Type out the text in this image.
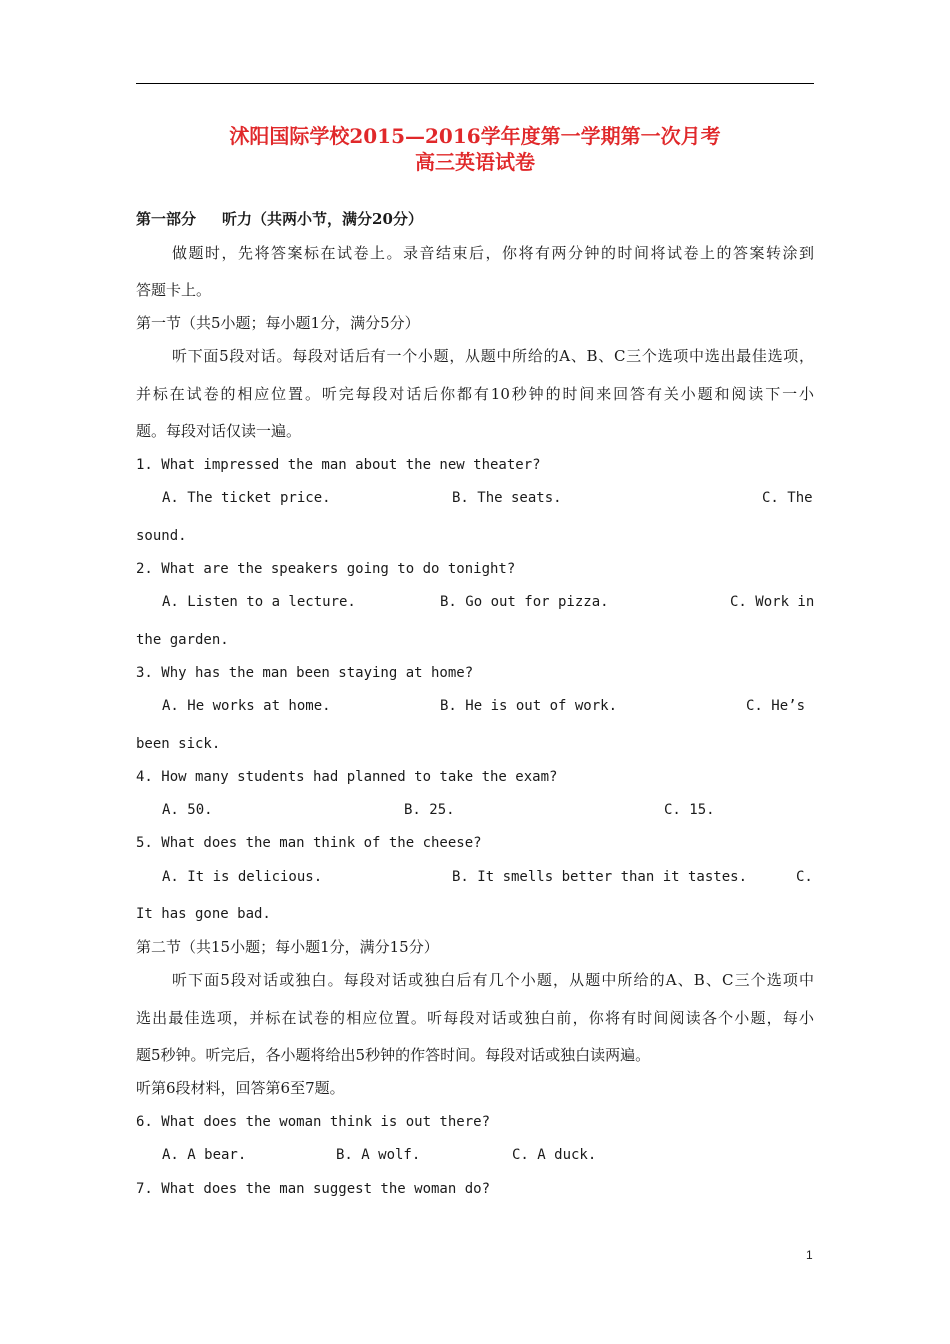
沭阳国际学校2015—2016学年度第一学期第一次月考
高三英语试卷
第一部分 听力（共两小节，满分20分）
做题时，先将答案标在试卷上。录音结束后，你将有两分钟的时间将试卷上的答案转涂到
答题卡上。
第一节（共5小题；每小题1分，满分5分）
听下面5段对话。每段对话后有一个小题，从题中所给的A、B、C三个选项中选出最佳选项，
并标在试卷的相应位置。听完每段对话后你都有10秒钟的时间来回答有关小题和阅读下一小
题。每段对话仅读一遍。
1. What impressed the man about the new theater?
A. The ticket price.	B. The seats.	C. The
sound.
2. What are the speakers going to do tonight?
A. Listen to a lecture.	B. Go out for pizza.	C. Work in
the garden.
3. Why has the man been staying at home?
A. He works at home.	B. He is out of work.	C. He’s
been sick.
4. How many students had planned to take the exam?
A. 50.	B. 25.	C. 15.
5. What does the man think of the cheese?
A. It is delicious.	B. It smells better than it tastes.	C.
It has gone bad.
第二节（共15小题；每小题1分，满分15分）
听下面5段对话或独白。每段对话或独白后有几个小题，从题中所给的A、B、C三个选项中
选出最佳选项，并标在试卷的相应位置。听每段对话或独白前，你将有时间阅读各个小题，每小
题5秒钟。听完后，各小题将给出5秒钟的作答时间。每段对话或独白读两遍。
听第6段材料，回答第6至7题。
6. What does the woman think is out there?
A. A bear.	B. A wolf.	C. A duck.
7. What does the man suggest the woman do?
1
